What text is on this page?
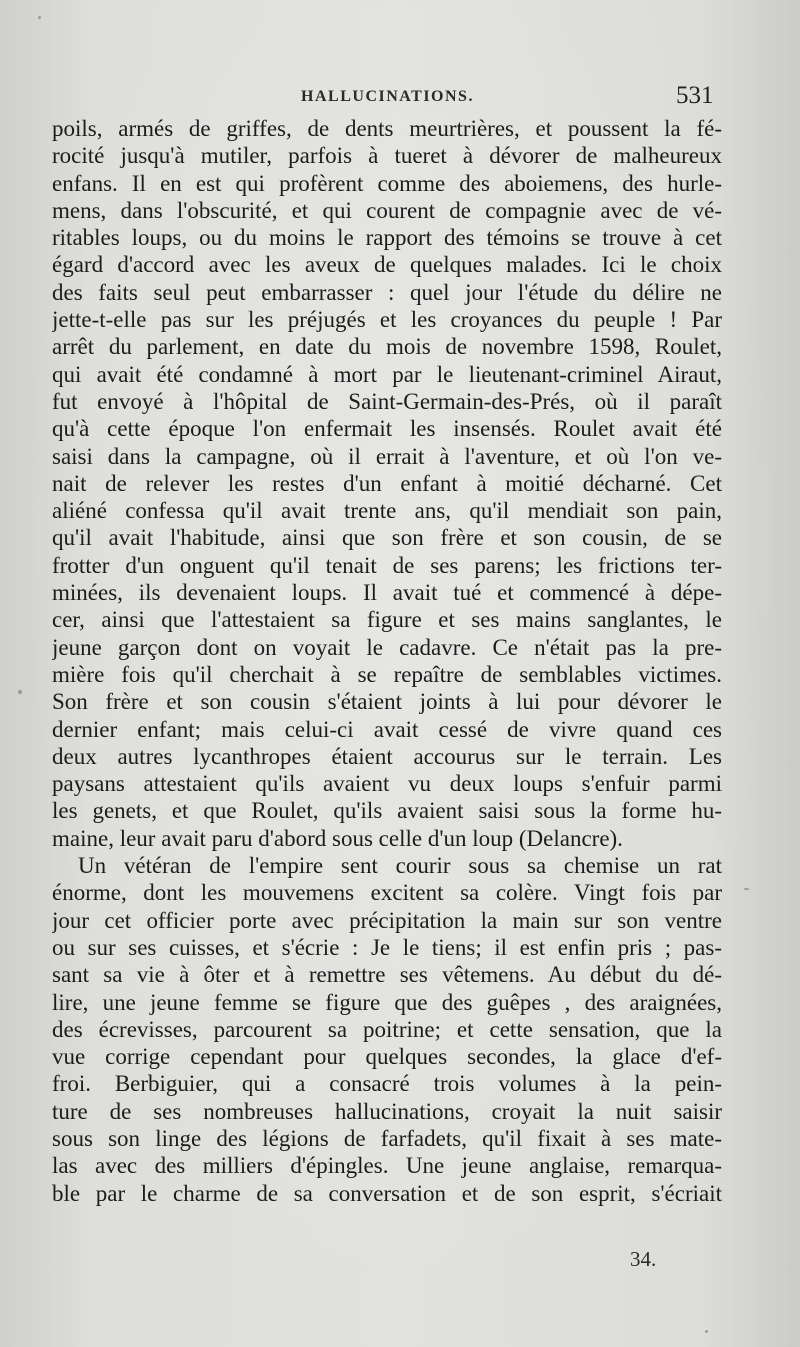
HALLUCINATIONS.	531
poils, armés de griffes, de dents meurtrières, et poussent la fé-
rocité jusqu'à mutiler, parfois à tueret à dévorer de malheureux
enfans. Il en est qui profèrent comme des aboiemens, des hurle-
mens, dans l'obscurité, et qui courent de compagnie avec de vé-
ritables loups, ou du moins le rapport des témoins se trouve à cet
égard d'accord avec les aveux de quelques malades. Ici le choix
des faits seul peut embarrasser : quel jour l'étude du délire ne
jette-t-elle pas sur les préjugés et les croyances du peuple ! Par
arrêt du parlement, en date du mois de novembre 1598, Roulet,
qui avait été condamné à mort par le lieutenant-criminel Airaut,
fut envoyé à l'hôpital de Saint-Germain-des-Prés, où il paraît
qu'à cette époque l'on enfermait les insensés. Roulet avait été
saisi dans la campagne, où il errait à l'aventure, et où l'on ve-
nait de relever les restes d'un enfant à moitié décharné. Cet
aliéné confessa qu'il avait trente ans, qu'il mendiait son pain,
qu'il avait l'habitude, ainsi que son frère et son cousin, de se
frotter d'un onguent qu'il tenait de ses parens; les frictions ter-
minées, ils devenaient loups. Il avait tué et commencé à dépe-
cer, ainsi que l'attestaient sa figure et ses mains sanglantes, le
jeune garçon dont on voyait le cadavre. Ce n'était pas la pre-
mière fois qu'il cherchait à se repaître de semblables victimes.
Son frère et son cousin s'étaient joints à lui pour dévorer le
dernier enfant; mais celui-ci avait cessé de vivre quand ces
deux autres lycanthropes étaient accourus sur le terrain. Les
paysans attestaient qu'ils avaient vu deux loups s'enfuir parmi
les genets, et que Roulet, qu'ils avaient saisi sous la forme hu-
maine, leur avait paru d'abord sous celle d'un loup (Delancre).
Un vétéran de l'empire sent courir sous sa chemise un rat
énorme, dont les mouvemens excitent sa colère. Vingt fois par
jour cet officier porte avec précipitation la main sur son ventre
ou sur ses cuisses, et s'écrie : Je le tiens; il est enfin pris ; pas-
sant sa vie à ôter et à remettre ses vêtemens. Au début du dé-
lire, une jeune femme se figure que des guêpes , des araignées,
des écrevisses, parcourent sa poitrine; et cette sensation, que la
vue corrige cependant pour quelques secondes, la glace d'ef-
froi. Berbiguier, qui a consacré trois volumes à la pein-
ture de ses nombreuses hallucinations, croyait la nuit saisir
sous son linge des légions de farfadets, qu'il fixait à ses mate-
las avec des milliers d'épingles. Une jeune anglaise, remarqua-
ble par le charme de sa conversation et de son esprit, s'écriait
34.
